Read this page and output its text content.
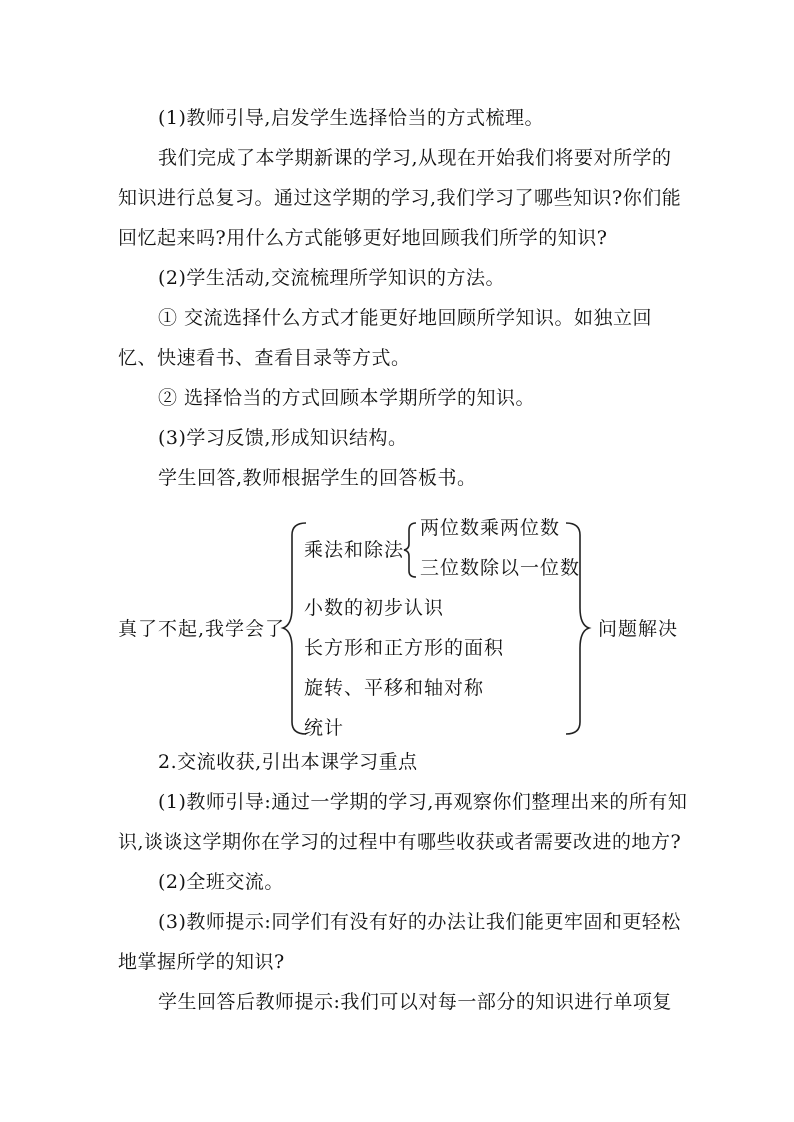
(1)教师引导,启发学生选择恰当的方式梳理。

我们完成了本学期新课的学习,从现在开始我们将要对所学的知识进行总复习。通过这学期的学习,我们学习了哪些知识?你们能回忆起来吗?用什么方式能够更好地回顾我们所学的知识?

(2)学生活动,交流梳理所学知识的方法。

① 交流选择什么方式才能更好地回顾所学知识。如独立回忆、快速看书、查看目录等方式。

② 选择恰当的方式回顾本学期所学的知识。

(3)学习反馈,形成知识结构。

学生回答,教师根据学生的回答板书。

真了不起,我学会了
乘法和除法
两位数乘两位数
三位数除以一位数
小数的初步认识
长方形和正方形的面积
旋转、平移和轴对称
统计
问题解决

2.交流收获,引出本课学习重点

(1)教师引导:通过一学期的学习,再观察你们整理出来的所有知识,谈谈这学期你在学习的过程中有哪些收获或者需要改进的地方?

(2)全班交流。

(3)教师提示:同学们有没有好的办法让我们能更牢固和更轻松地掌握所学的知识?

学生回答后教师提示:我们可以对每一部分的知识进行单项复
